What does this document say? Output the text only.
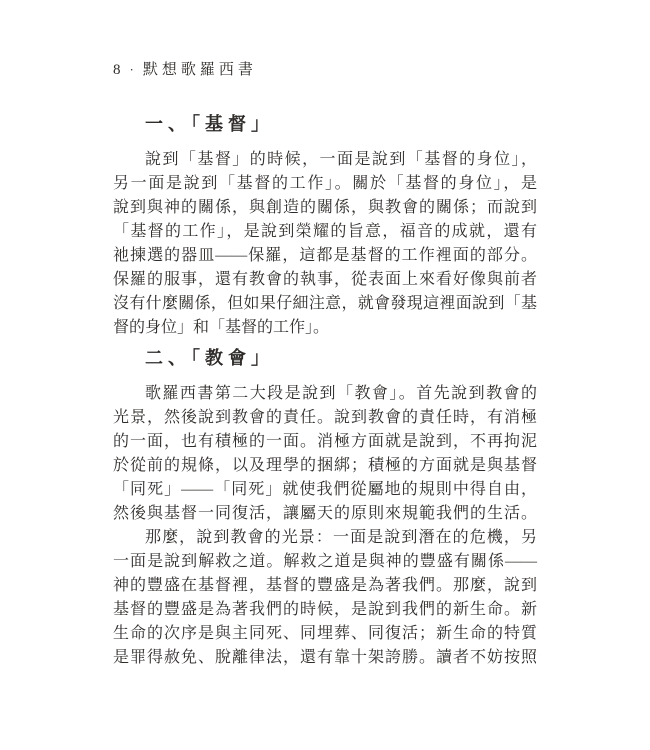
8 · 默想歌羅西書
一、「基督」
說到「基督」的時候，一面是說到「基督的身位」，
另一面是說到「基督的工作」。關於「基督的身位」，是
說到與神的關係，與創造的關係，與教會的關係；而說到
「基督的工作」，是說到榮耀的旨意，福音的成就，還有
祂揀選的器皿——保羅，這都是基督的工作裡面的部分。
保羅的服事，還有教會的執事，從表面上來看好像與前者
沒有什麼關係，但如果仔細注意，就會發現這裡面說到「基
督的身位」和「基督的工作」。
二、「教會」
歌羅西書第二大段是說到「教會」。首先說到教會的
光景，然後說到教會的責任。說到教會的責任時，有消極
的一面，也有積極的一面。消極方面就是說到，不再拘泥
於從前的規條，以及理學的捆綁；積極的方面就是與基督
「同死」——「同死」就使我們從屬地的規則中得自由，
然後與基督一同復活，讓屬天的原則來規範我們的生活。
那麼，說到教會的光景：一面是說到潛在的危機，另
一面是說到解救之道。解救之道是與神的豐盛有關係——
神的豐盛在基督裡，基督的豐盛是為著我們。那麼，說到
基督的豐盛是為著我們的時候，是說到我們的新生命。新
生命的次序是與主同死、同埋葬、同復活；新生命的特質
是罪得赦免、脫離律法，還有靠十架誇勝。讀者不妨按照
